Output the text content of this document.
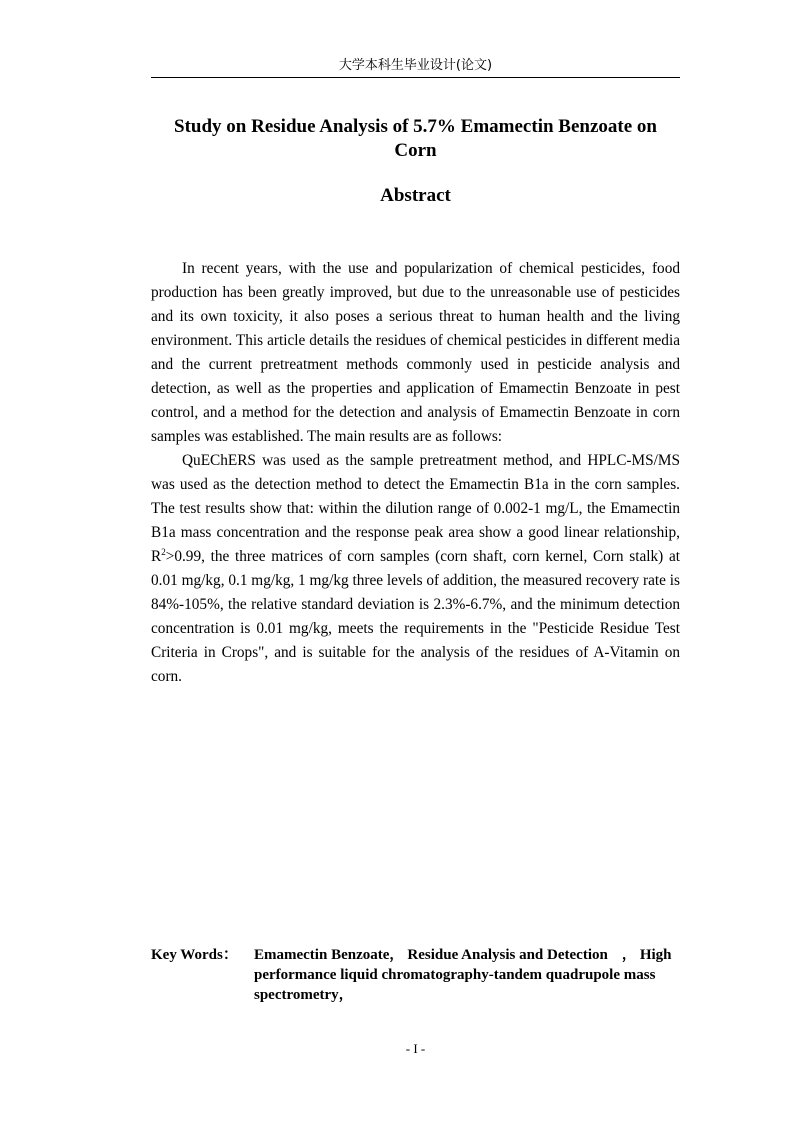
大学本科生毕业设计(论文)
Study on Residue Analysis of 5.7% Emamectin Benzoate on Corn
Abstract

In recent years, with the use and popularization of chemical pesticides, food production has been greatly improved, but due to the unreasonable use of pesticides and its own toxicity, it also poses a serious threat to human health and the living environment. This article details the residues of chemical pesticides in different media and the current pretreatment methods commonly used in pesticide analysis and detection, as well as the properties and application of Emamectin Benzoate in pest control, and a method for the detection and analysis of Emamectin Benzoate in corn samples was established. The main results are as follows:

QuEChERS was used as the sample pretreatment method, and HPLC-MS/MS was used as the detection method to detect the Emamectin B1a in the corn samples. The test results show that: within the dilution range of 0.002-1 mg/L, the Emamectin B1a mass concentration and the response peak area show a good linear relationship, $R^2>0.99$, the three matrices of corn samples (corn shaft, corn kernel, Corn stalk) at 0.01 mg/kg, 0.1 mg/kg, 1 mg/kg three levels of addition, the measured recovery rate is 84%-105%, the relative standard deviation is 2.3%-6.7%, and the minimum detection concentration is 0.01 mg/kg, meets the requirements in the "Pesticide Residue Test Criteria in Crops", and is suitable for the analysis of the residues of A-Vitamin on corn.

Key Words： Emamectin Benzoate， Residue Analysis and Detection ， High performance liquid chromatography-tandem quadrupole mass spectrometry，
- I -
